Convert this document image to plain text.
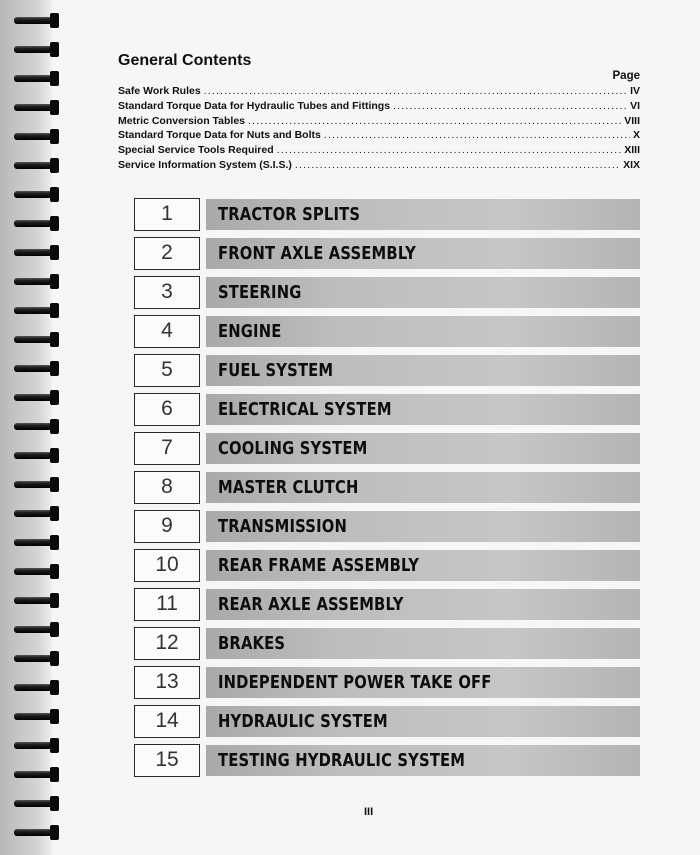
General Contents
Page
Safe Work Rules .....	IV
Standard Torque Data for Hydraulic Tubes and Fittings .....	VI
Metric Conversion Tables .....	VIII
Standard Torque Data for Nuts and Bolts .....	X
Special Service Tools Required .....	XIII
Service Information System (S.I.S.) .....	XIX
1	TRACTOR SPLITS
2	FRONT AXLE ASSEMBLY
3	STEERING
4	ENGINE
5	FUEL SYSTEM
6	ELECTRICAL SYSTEM
7	COOLING SYSTEM
8	MASTER CLUTCH
9	TRANSMISSION
10	REAR FRAME ASSEMBLY
11	REAR AXLE ASSEMBLY
12	BRAKES
13	INDEPENDENT POWER TAKE OFF
14	HYDRAULIC SYSTEM
15	TESTING HYDRAULIC SYSTEM
III
